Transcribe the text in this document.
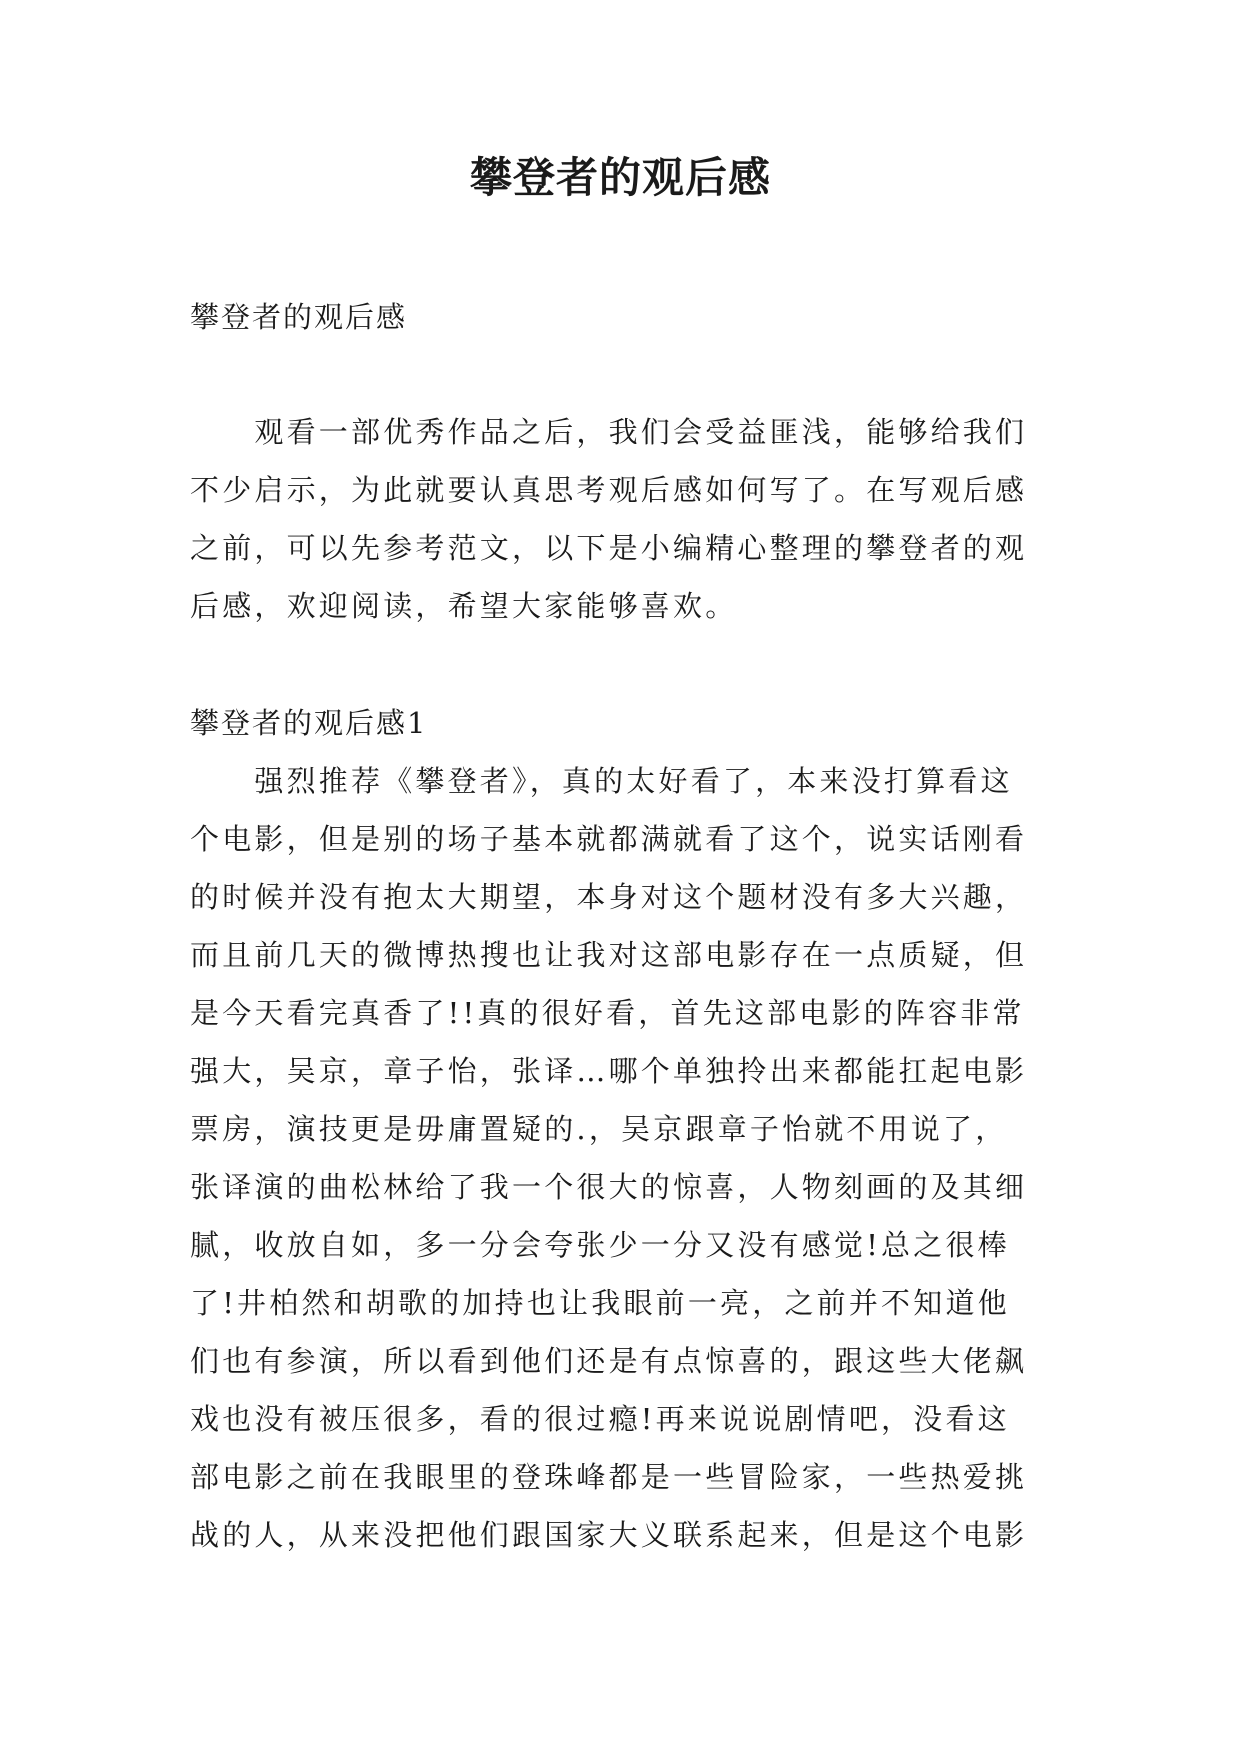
攀登者的观后感
攀登者的观后感
　　观看一部优秀作品之后，我们会受益匪浅，能够给我们
不少启示，为此就要认真思考观后感如何写了。在写观后感
之前，可以先参考范文，以下是小编精心整理的攀登者的观
后感，欢迎阅读，希望大家能够喜欢。
攀登者的观后感1
　　强烈推荐《攀登者》，真的太好看了，本来没打算看这
个电影，但是别的场子基本就都满就看了这个，说实话刚看
的时候并没有抱太大期望，本身对这个题材没有多大兴趣，
而且前几天的微博热搜也让我对这部电影存在一点质疑，但
是今天看完真香了!!真的很好看，首先这部电影的阵容非常
强大，吴京，章子怡，张译…哪个单独拎出来都能扛起电影
票房，演技更是毋庸置疑的.，吴京跟章子怡就不用说了，
张译演的曲松林给了我一个很大的惊喜，人物刻画的及其细
腻，收放自如，多一分会夸张少一分又没有感觉!总之很棒
了!井柏然和胡歌的加持也让我眼前一亮，之前并不知道他
们也有参演，所以看到他们还是有点惊喜的，跟这些大佬飙
戏也没有被压很多，看的很过瘾!再来说说剧情吧，没看这
部电影之前在我眼里的登珠峰都是一些冒险家，一些热爱挑
战的人，从来没把他们跟国家大义联系起来，但是这个电影
